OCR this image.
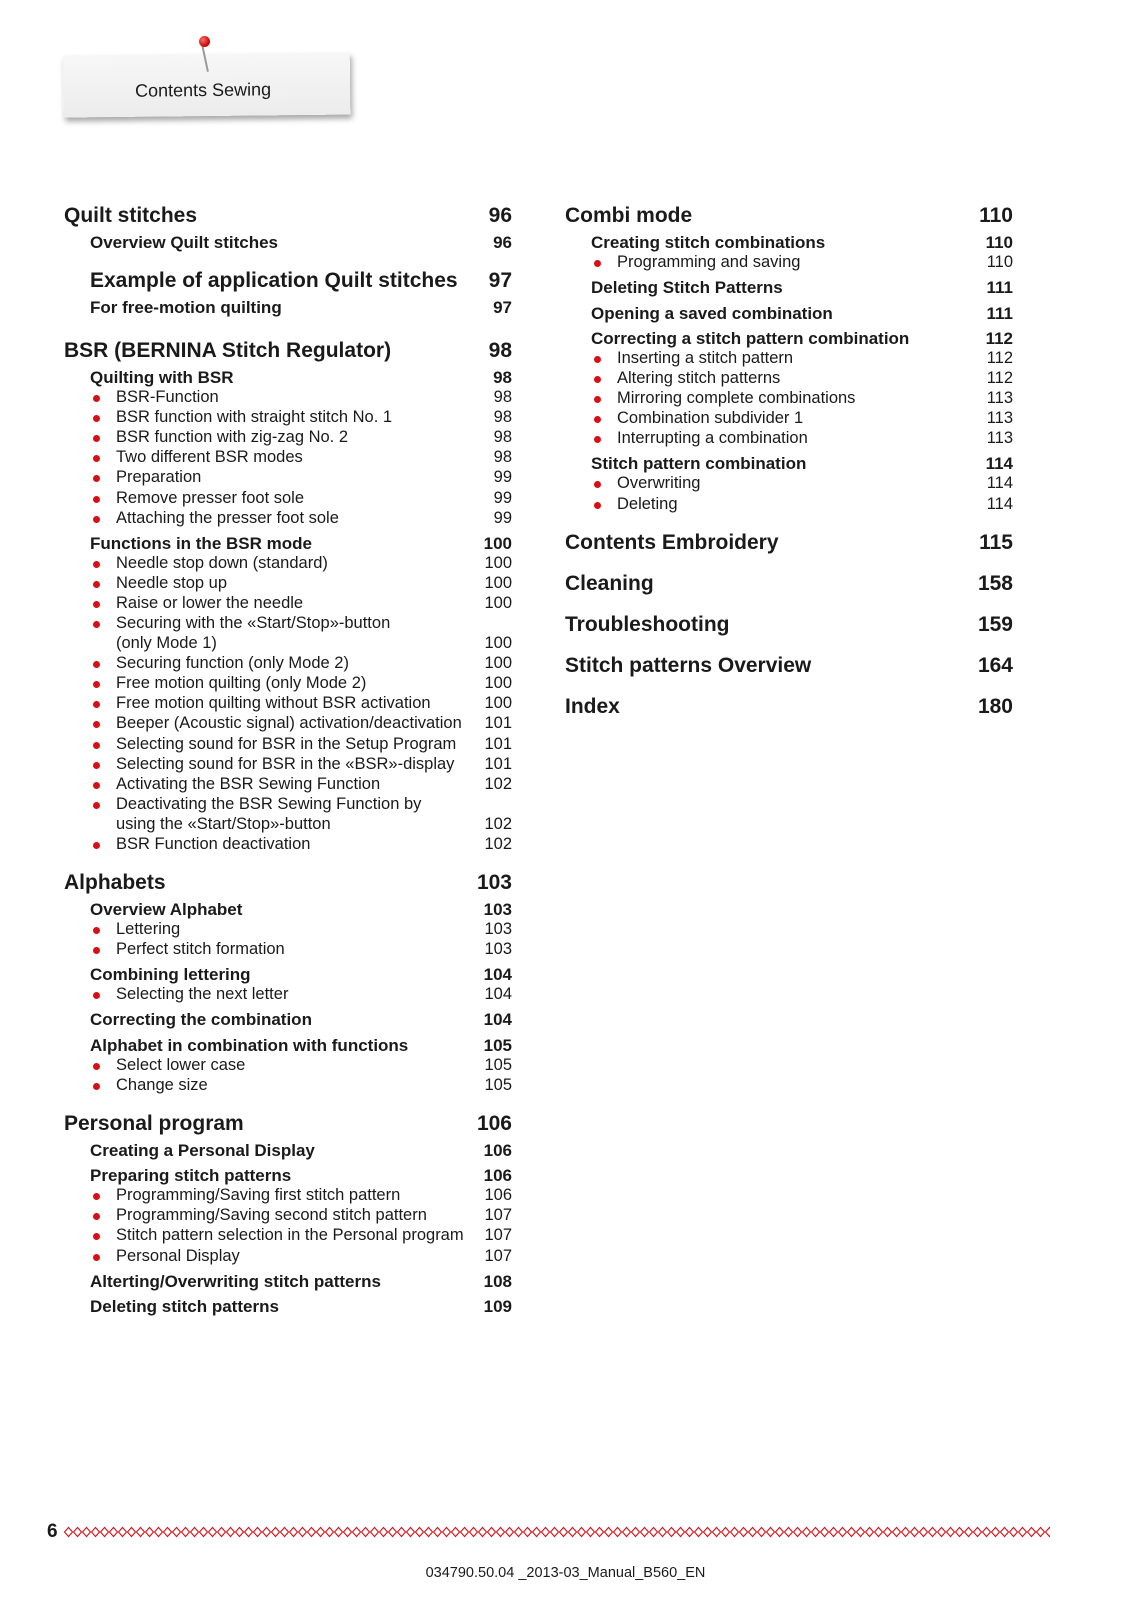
Contents Sewing
Quilt stitches	96
Overview Quilt stitches	96
Example of application Quilt stitches 97
For free-motion quilting	97
BSR (BERNINA Stitch Regulator)	98
Quilting with BSR	98
BSR-Function	98
BSR function with straight stitch No. 1	98
BSR function with zig-zag No. 2	98
Two different BSR modes	98
Preparation	99
Remove presser foot sole	99
Attaching the presser foot sole	99
Functions in the BSR mode	100
Needle stop down (standard)	100
Needle stop up	100
Raise or lower the needle	100
Securing with the «Start/Stop»-button
(only Mode 1)	100
Securing function (only Mode 2)	100
Free motion quilting (only Mode 2)	100
Free motion quilting without BSR activation	100
Beeper (Acoustic signal) activation/deactivation 101
Selecting sound for BSR in the Setup Program 101
Selecting sound for BSR in the «BSR»-display 101
Activating the BSR Sewing Function	102
Deactivating the BSR Sewing Function by
using the «Start/Stop»-button	102
BSR Function deactivation	102
Alphabets	103
Overview Alphabet	103
Lettering	103
Perfect stitch formation	103
Combining lettering	104
Selecting the next letter	104
Correcting the combination	104
Alphabet in combination with functions	105
Select lower case	105
Change size	105
Personal program	106
Creating a Personal Display	106
Preparing stitch patterns	106
Programming/Saving first stitch pattern	106
Programming/Saving second stitch pattern	107
Stitch pattern selection in the Personal program 107
Personal Display	107
Alterting/Overwriting stitch patterns	108
Deleting stitch patterns	109
Combi mode	110
Creating stitch combinations	110
Programming and saving	110
Deleting Stitch Patterns	111
Opening a saved combination	111
Correcting a stitch pattern combination	112
Inserting a stitch pattern	112
Altering stitch patterns	112
Mirroring complete combinations	113
Combination subdivider 1	113
Interrupting a combination	113
Stitch pattern combination	114
Overwriting	114
Deleting	114
Contents Embroidery	115
Cleaning	158
Troubleshooting	159
Stitch patterns Overview	164
Index	180
6
034790.50.04 _2013-03_Manual_B560_EN
